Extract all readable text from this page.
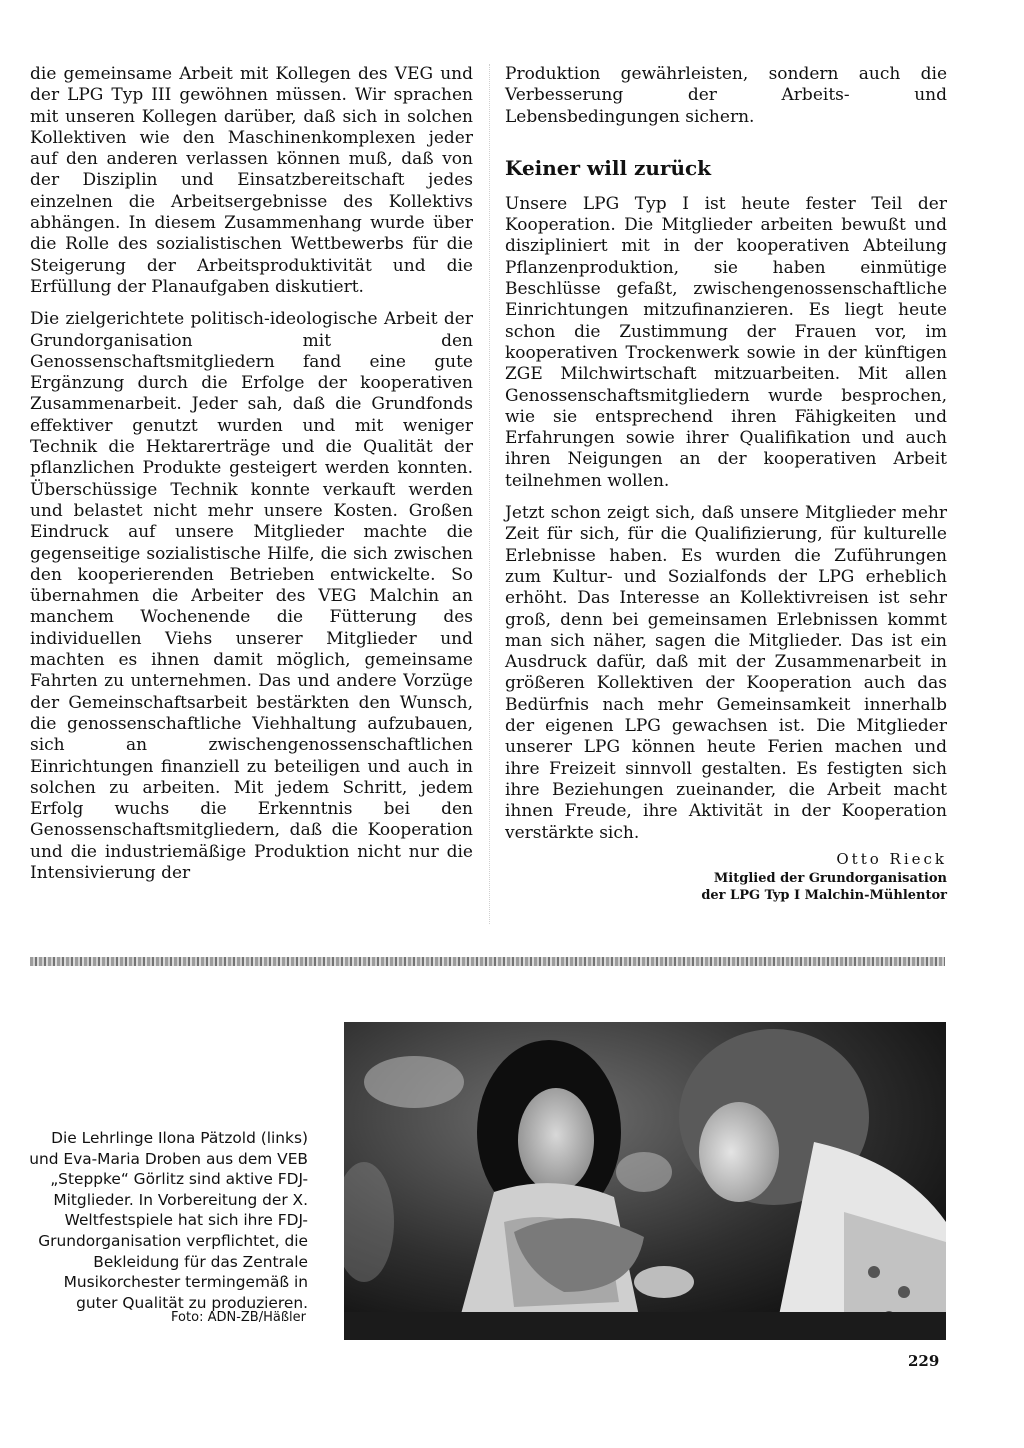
die gemeinsame Arbeit mit Kollegen des VEG und der LPG Typ III gewöhnen müssen. Wir sprachen mit unseren Kollegen darüber, daß sich in solchen Kollektiven wie den Maschinenkomplexen jeder auf den anderen verlassen können muß, daß von der Disziplin und Einsatzbereitschaft jedes einzelnen die Arbeitsergebnisse des Kollektivs abhängen. In diesem Zusammenhang wurde über die Rolle des sozialistischen Wettbewerbs für die Steigerung der Arbeitsproduktivität und die Erfüllung der Planaufgaben diskutiert.

Die zielgerichtete politisch-ideologische Arbeit der Grundorganisation mit den Genossenschaftsmitgliedern fand eine gute Ergänzung durch die Erfolge der kooperativen Zusammenarbeit. Jeder sah, daß die Grundfonds effektiver genutzt wurden und mit weniger Technik die Hektarerträge und die Qualität der pflanzlichen Produkte gesteigert werden konnten. Überschüssige Technik konnte verkauft werden und belastet nicht mehr unsere Kosten. Großen Eindruck auf unsere Mitglieder machte die gegenseitige sozialistische Hilfe, die sich zwischen den kooperierenden Betrieben entwickelte. So übernahmen die Arbeiter des VEG Malchin an manchem Wochenende die Fütterung des individuellen Viehs unserer Mitglieder und machten es ihnen damit möglich, gemeinsame Fahrten zu unternehmen. Das und andere Vorzüge der Gemeinschaftsarbeit bestärkten den Wunsch, die genossenschaftliche Viehhaltung aufzubauen, sich an zwischengenossenschaftlichen Einrichtungen finanziell zu beteiligen und auch in solchen zu arbeiten. Mit jedem Schritt, jedem Erfolg wuchs die Erkenntnis bei den Genossenschaftsmitgliedern, daß die Kooperation und die industriemäßige Produktion nicht nur die Intensivierung der

Produktion gewährleisten, sondern auch die Verbesserung der Arbeits- und Lebensbedingungen sichern.

Keiner will zurück

Unsere LPG Typ I ist heute fester Teil der Kooperation. Die Mitglieder arbeiten bewußt und diszipliniert mit in der kooperativen Abteilung Pflanzenproduktion, sie haben einmütige Beschlüsse gefaßt, zwischengenossenschaftliche Einrichtungen mitzufinanzieren. Es liegt heute schon die Zustimmung der Frauen vor, im kooperativen Trockenwerk sowie in der künftigen ZGE Milchwirtschaft mitzuarbeiten. Mit allen Genossenschaftsmitgliedern wurde besprochen, wie sie entsprechend ihren Fähigkeiten und Erfahrungen sowie ihrer Qualifikation und auch ihren Neigungen an der kooperativen Arbeit teilnehmen wollen.

Jetzt schon zeigt sich, daß unsere Mitglieder mehr Zeit für sich, für die Qualifizierung, für kulturelle Erlebnisse haben. Es wurden die Zuführungen zum Kultur- und Sozialfonds der LPG erheblich erhöht. Das Interesse an Kollektivreisen ist sehr groß, denn bei gemeinsamen Erlebnissen kommt man sich näher, sagen die Mitglieder. Das ist ein Ausdruck dafür, daß mit der Zusammenarbeit in größeren Kollektiven der Kooperation auch das Bedürfnis nach mehr Gemeinsamkeit innerhalb der eigenen LPG gewachsen ist. Die Mitglieder unserer LPG können heute Ferien machen und ihre Freizeit sinnvoll gestalten. Es festigten sich ihre Beziehungen zueinander, die Arbeit macht ihnen Freude, ihre Aktivität in der Kooperation verstärkte sich.

Otto Rieck
Mitglied der Grundorganisation
der LPG Typ I Malchin-Mühlentor

Die Lehrlinge Ilona Pätzold (links) und Eva-Maria Droben aus dem VEB „Steppke“ Görlitz sind aktive FDJ-Mitglieder. In Vorbereitung der X. Weltfestspiele hat sich ihre FDJ-Grundorganisation verpflichtet, die Bekleidung für das Zentrale Musikorchester termingemäß in guter Qualität zu produzieren.

Foto: ADN-ZB/Häßler
229
